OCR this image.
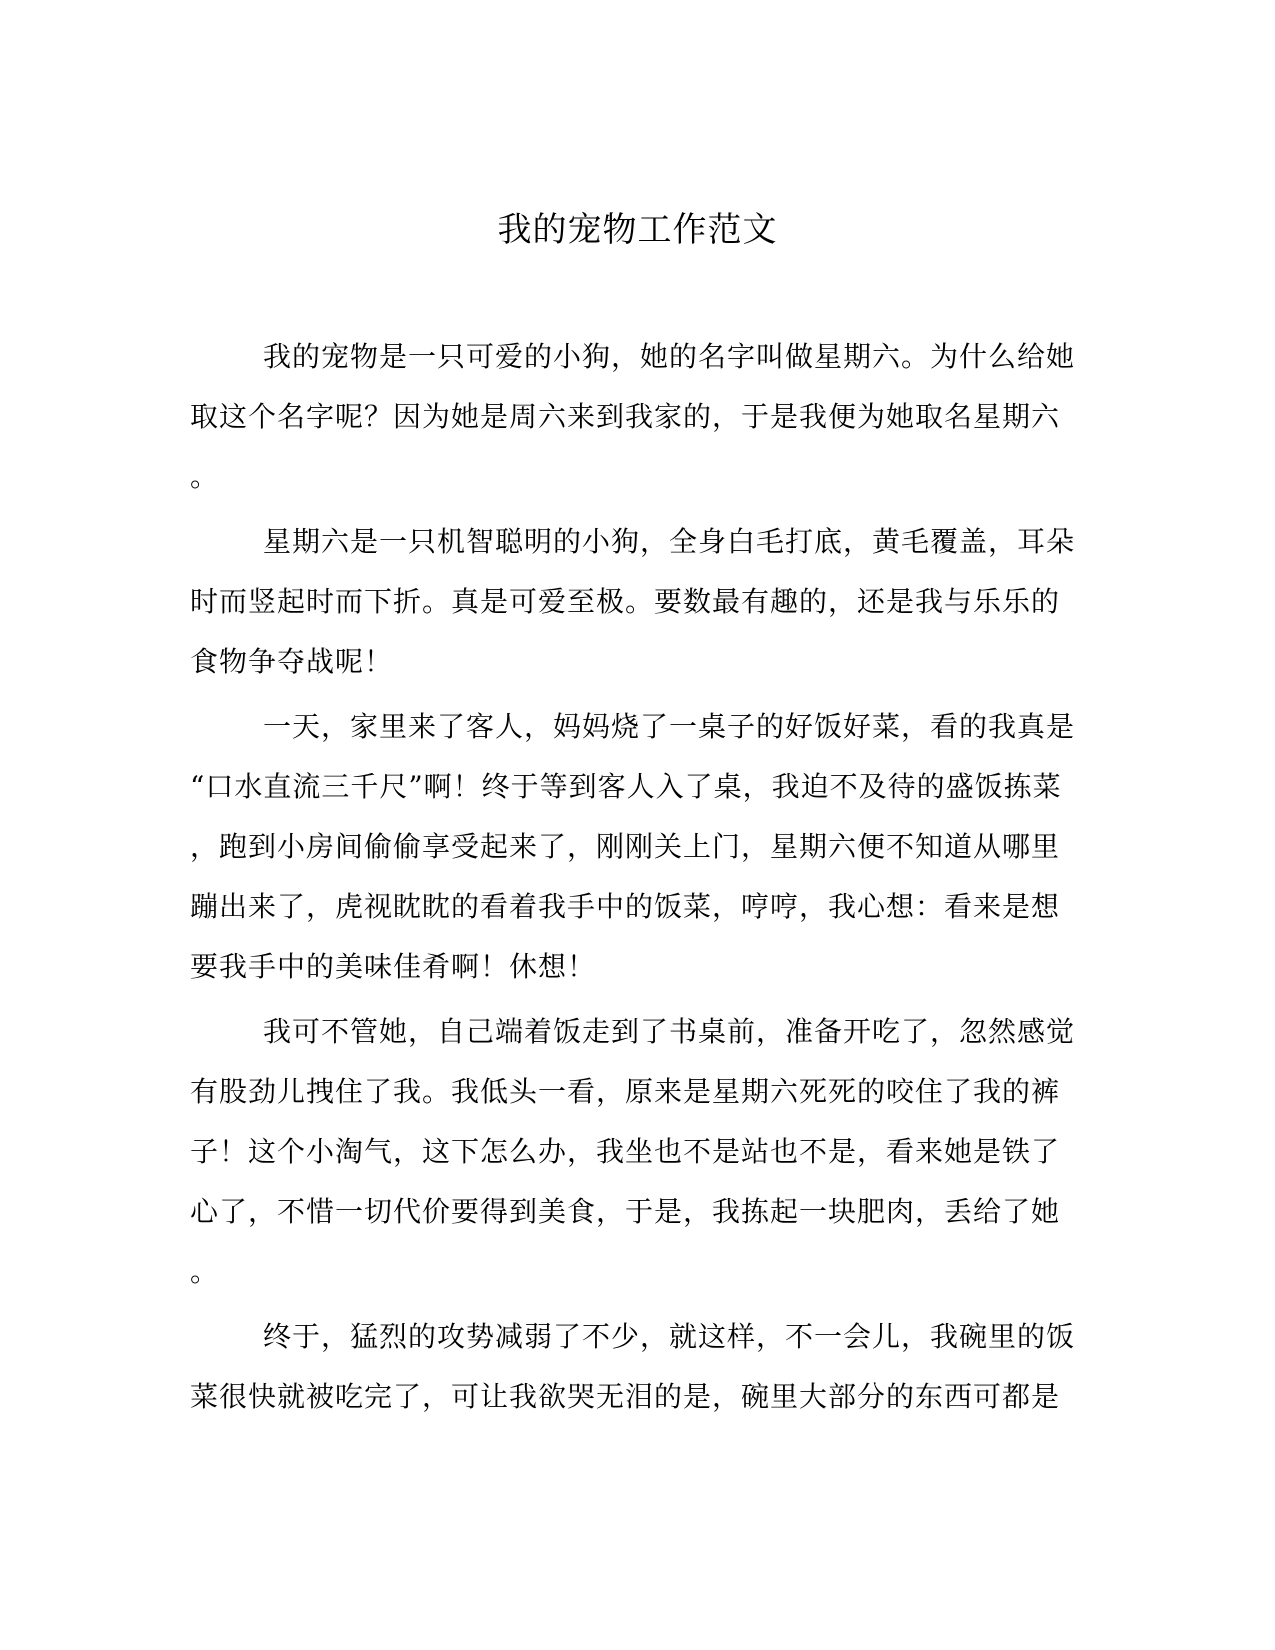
我的宠物工作范文
我的宠物是一只可爱的小狗，她的名字叫做星期六。为什么给她
取这个名字呢？因为她是周六来到我家的，于是我便为她取名星期六
。
星期六是一只机智聪明的小狗，全身白毛打底，黄毛覆盖，耳朵
时而竖起时而下折。真是可爱至极。要数最有趣的，还是我与乐乐的
食物争夺战呢！
一天，家里来了客人，妈妈烧了一桌子的好饭好菜，看的我真是
“口水直流三千尺”啊！终于等到客人入了桌，我迫不及待的盛饭拣菜
，跑到小房间偷偷享受起来了，刚刚关上门，星期六便不知道从哪里
蹦出来了，虎视眈眈的看着我手中的饭菜，哼哼，我心想：看来是想
要我手中的美味佳肴啊！休想！
我可不管她，自己端着饭走到了书桌前，准备开吃了，忽然感觉
有股劲儿拽住了我。我低头一看，原来是星期六死死的咬住了我的裤
子！这个小淘气，这下怎么办，我坐也不是站也不是，看来她是铁了
心了，不惜一切代价要得到美食，于是，我拣起一块肥肉，丢给了她
。
终于，猛烈的攻势减弱了不少，就这样，不一会儿，我碗里的饭
菜很快就被吃完了，可让我欲哭无泪的是，碗里大部分的东西可都是
